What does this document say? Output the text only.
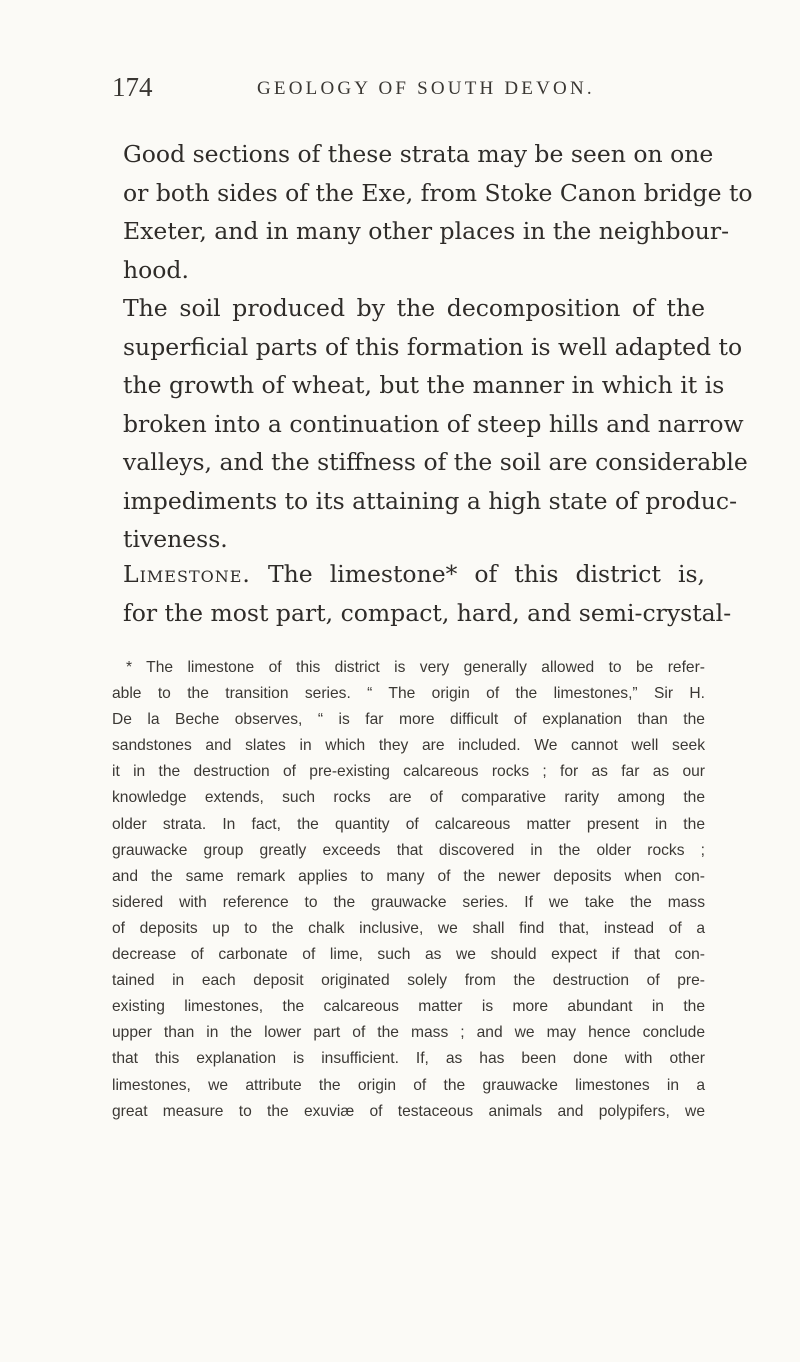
174	GEOLOGY OF SOUTH DEVON.
Good sections of these strata may be seen on one
or both sides of the Exe, from Stoke Canon bridge to
Exeter, and in many other places in the neighbour-
hood.
The soil produced by the decomposition of the
superficial parts of this formation is well adapted to
the growth of wheat, but the manner in which it is
broken into a continuation of steep hills and narrow
valleys, and the stiffness of the soil are considerable
impediments to its attaining a high state of produc-
tiveness.
Limestone. The limestone* of this district is,
for the most part, compact, hard, and semi-crystal-
* The limestone of this district is very generally allowed to be refer-
able to the transition series. “ The origin of the limestones,” Sir H.
De la Beche observes, “ is far more difficult of explanation than the
sandstones and slates in which they are included. We cannot well seek
it in the destruction of pre-existing calcareous rocks ; for as far as our
knowledge extends, such rocks are of comparative rarity among the
older strata. In fact, the quantity of calcareous matter present in the
grauwacke group greatly exceeds that discovered in the older rocks ;
and the same remark applies to many of the newer deposits when con-
sidered with reference to the grauwacke series. If we take the mass
of deposits up to the chalk inclusive, we shall find that, instead of a
decrease of carbonate of lime, such as we should expect if that con-
tained in each deposit originated solely from the destruction of pre-
existing limestones, the calcareous matter is more abundant in the
upper than in the lower part of the mass ; and we may hence conclude
that this explanation is insufficient. If, as has been done with other
limestones, we attribute the origin of the grauwacke limestones in a
great measure to the exuviæ of testaceous animals and polypifers, we
